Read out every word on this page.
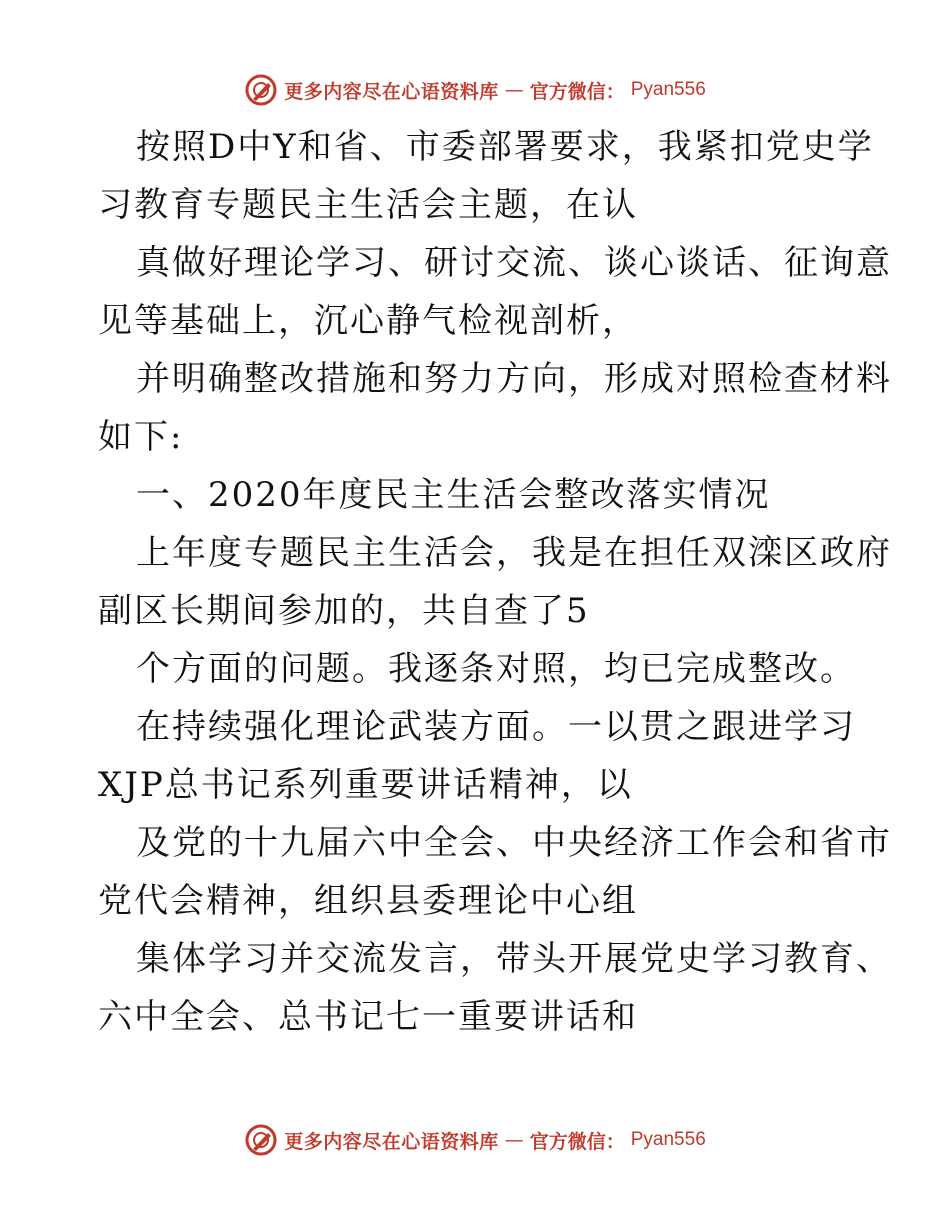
更多内容尽在心语资料库 — 官方微信： Pyan556
按照D中Y和省、市委部署要求，我紧扣党史学
习教育专题民主生活会主题，在认
真做好理论学习、研讨交流、谈心谈话、征询意
见等基础上，沉心静气检视剖析，
并明确整改措施和努力方向，形成对照检查材料
如下:
一、2020年度民主生活会整改落实情况
上年度专题民主生活会，我是在担任双滦区政府
副区长期间参加的，共自查了5
个方面的问题。我逐条对照，均已完成整改。
在持续强化理论武装方面。一以贯之跟进学习
XJP总书记系列重要讲话精神，以
及党的十九届六中全会、中央经济工作会和省市
党代会精神，组织县委理论中心组
集体学习并交流发言，带头开展党史学习教育、
六中全会、总书记七一重要讲话和
更多内容尽在心语资料库 — 官方微信： Pyan556
